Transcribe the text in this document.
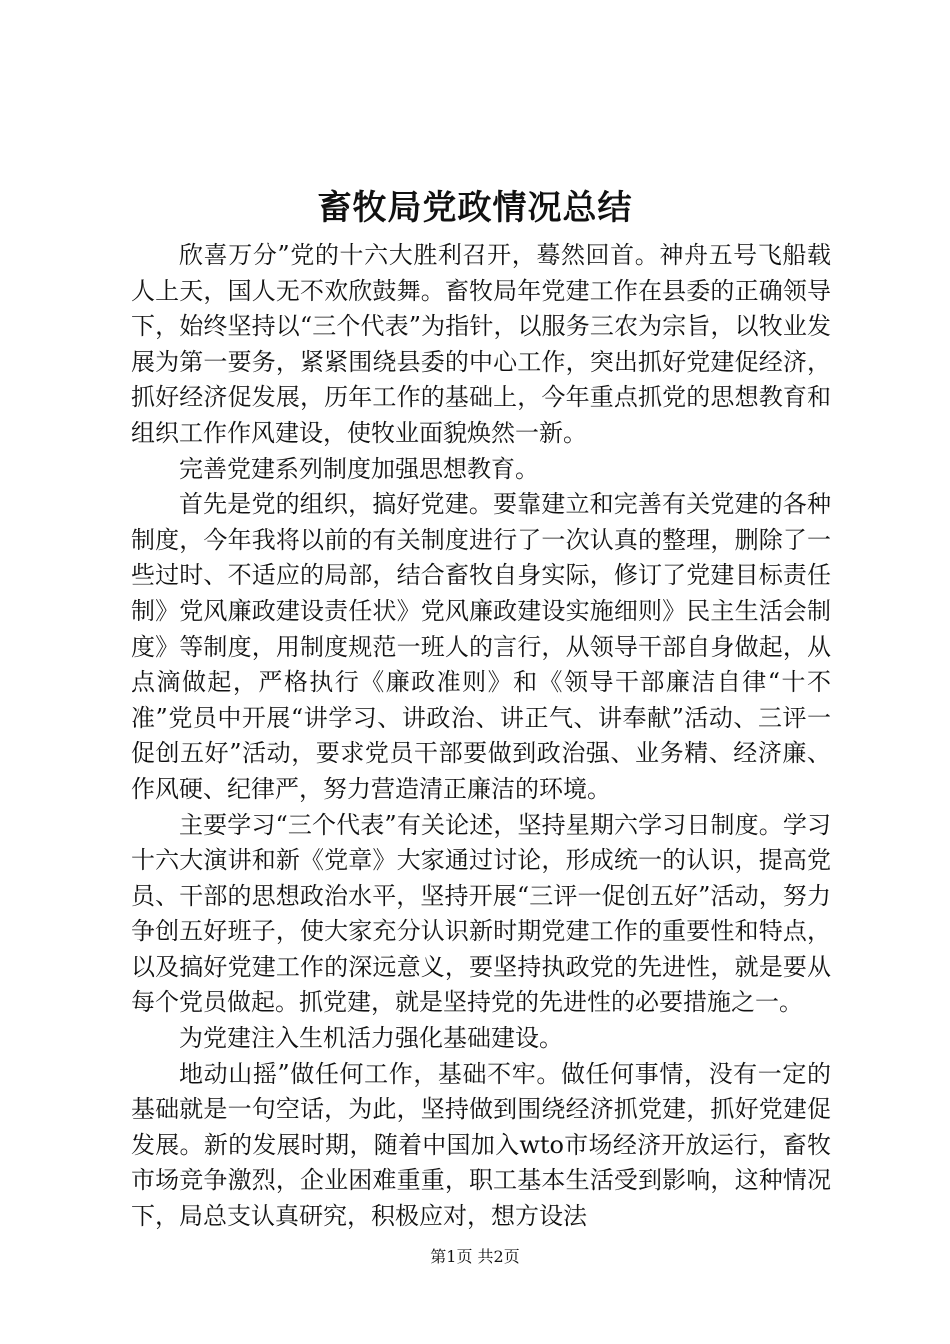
畜牧局党政情况总结

欣喜万分”党的十六大胜利召开，蓦然回首。神舟五号飞船载人上天，国人无不欢欣鼓舞。畜牧局年党建工作在县委的正确领导下，始终坚持以“三个代表”为指针，以服务三农为宗旨，以牧业发展为第一要务，紧紧围绕县委的中心工作，突出抓好党建促经济，抓好经济促发展，历年工作的基础上，今年重点抓党的思想教育和组织工作作风建设，使牧业面貌焕然一新。

完善党建系列制度加强思想教育。

首先是党的组织，搞好党建。要靠建立和完善有关党建的各种制度，今年我将以前的有关制度进行了一次认真的整理，删除了一些过时、不适应的局部，结合畜牧自身实际，修订了党建目标责任制》党风廉政建设责任状》党风廉政建设实施细则》民主生活会制度》等制度，用制度规范一班人的言行，从领导干部自身做起，从点滴做起，严格执行《廉政准则》和《领导干部廉洁自律“十不准”党员中开展“讲学习、讲政治、讲正气、讲奉献”活动、三评一促创五好”活动，要求党员干部要做到政治强、业务精、经济廉、作风硬、纪律严，努力营造清正廉洁的环境。

主要学习“三个代表”有关论述，坚持星期六学习日制度。学习十六大演讲和新《党章》大家通过讨论，形成统一的认识，提高党员、干部的思想政治水平，坚持开展“三评一促创五好”活动，努力争创五好班子，使大家充分认识新时期党建工作的重要性和特点，以及搞好党建工作的深远意义，要坚持执政党的先进性，就是要从每个党员做起。抓党建，就是坚持党的先进性的必要措施之一。

为党建注入生机活力强化基础建设。

地动山摇”做任何工作，基础不牢。做任何事情，没有一定的基础就是一句空话，为此，坚持做到围绕经济抓党建，抓好党建促发展。新的发展时期，随着中国加入wto市场经济开放运行，畜牧市场竞争激烈，企业困难重重，职工基本生活受到影响，这种情况下，局总支认真研究，积极应对，想方设法

第1页 共2页
